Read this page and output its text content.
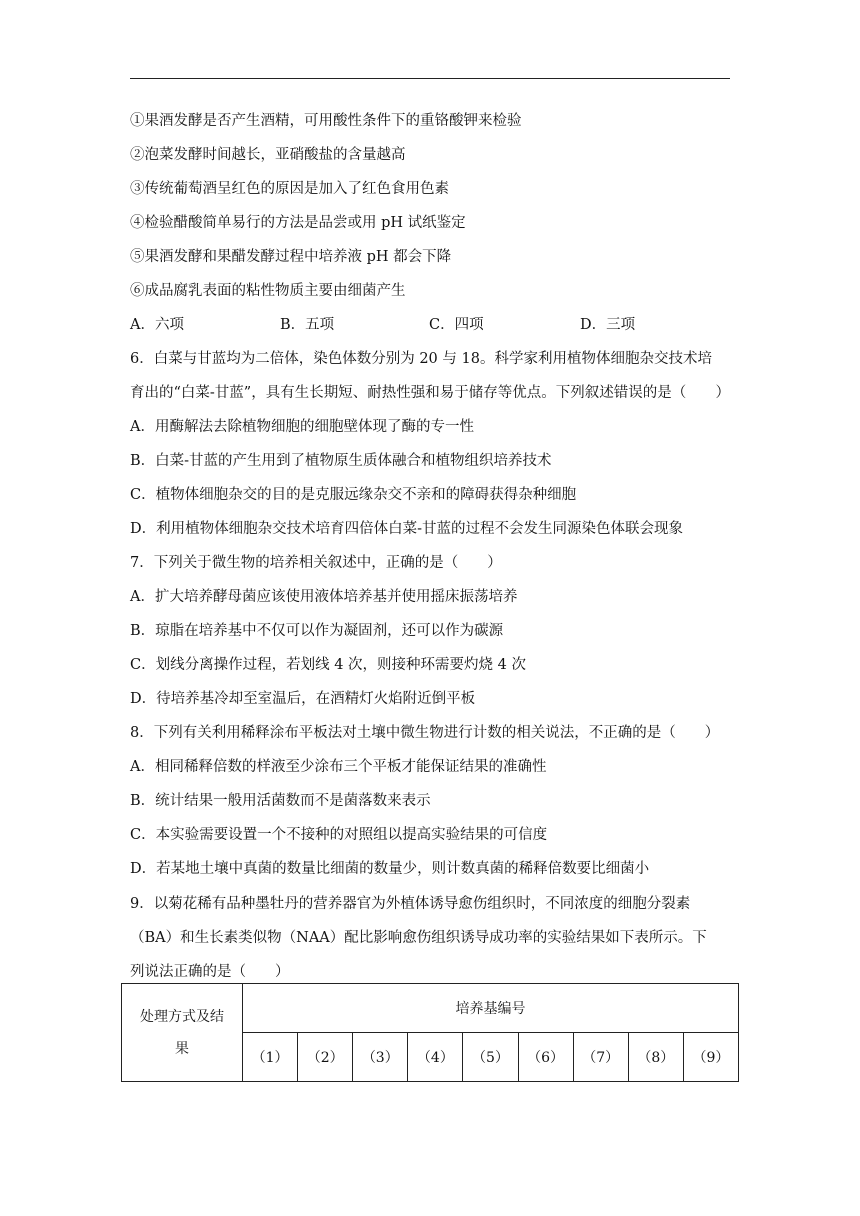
①果酒发酵是否产生酒精，可用酸性条件下的重铬酸钾来检验
②泡菜发酵时间越长，亚硝酸盐的含量越高
③传统葡萄酒呈红色的原因是加入了红色食用色素
④检验醋酸简单易行的方法是品尝或用 pH 试纸鉴定
⑤果酒发酵和果醋发酵过程中培养液 pH 都会下降
⑥成品腐乳表面的粘性物质主要由细菌产生
A．六项	B．五项	C．四项	D．三项
6．白菜与甘蓝均为二倍体，染色体数分别为 20 与 18。科学家利用植物体细胞杂交技术培
育出的“白菜-甘蓝”，具有生长期短、耐热性强和易于储存等优点。下列叙述错误的是（ ）
A．用酶解法去除植物细胞的细胞壁体现了酶的专一性
B．白菜-甘蓝的产生用到了植物原生质体融合和植物组织培养技术
C．植物体细胞杂交的目的是克服远缘杂交不亲和的障碍获得杂种细胞
D．利用植物体细胞杂交技术培育四倍体白菜-甘蓝的过程不会发生同源染色体联会现象
7．下列关于微生物的培养相关叙述中，正确的是（　　）
A．扩大培养酵母菌应该使用液体培养基并使用摇床振荡培养
B．琼脂在培养基中不仅可以作为凝固剂，还可以作为碳源
C．划线分离操作过程，若划线 4 次，则接种环需要灼烧 4 次
D．待培养基冷却至室温后，在酒精灯火焰附近倒平板
8．下列有关利用稀释涂布平板法对土壤中微生物进行计数的相关说法，不正确的是（　　）
A．相同稀释倍数的样液至少涂布三个平板才能保证结果的准确性
B．统计结果一般用活菌数而不是菌落数来表示
C．本实验需要设置一个不接种的对照组以提高实验结果的可信度
D．若某地土壤中真菌的数量比细菌的数量少，则计数真菌的稀释倍数要比细菌小
9．以菊花稀有品种墨牡丹的营养器官为外植体诱导愈伤组织时，不同浓度的细胞分裂素
（BA）和生长素类似物（NAA）配比影响愈伤组织诱导成功率的实验结果如下表所示。下
列说法正确的是（　　）
处理方式及结
果	培养基编号								
	（1）	（2）	（3）	（4）	（5）	（6）	（7）	（8）	（9）
